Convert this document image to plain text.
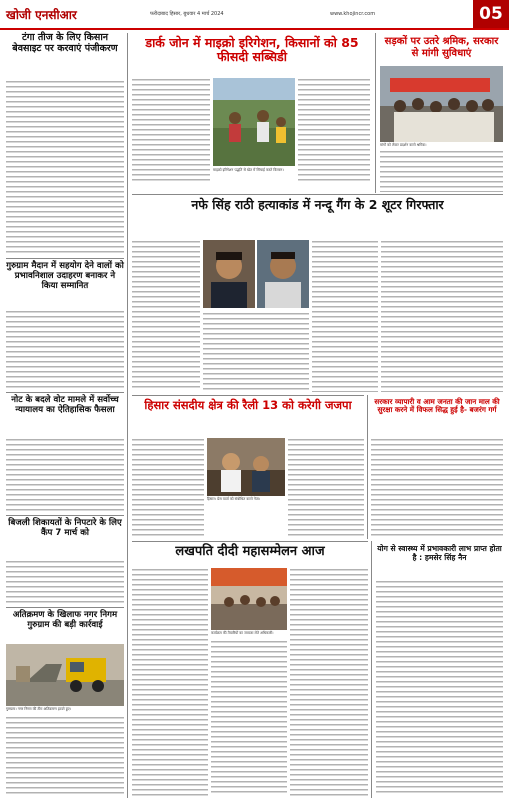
खोजी एनसीआर	फरीदाबाद हिसार, बुधवार 4 मार्च 2024	www.khojincr.com	05
टंगा तीज के लिए किसान बेवसाइट पर करवाएं पंजीकरण
गुरुग्राम मैदान में सहयोग देने वालों को प्रभावनिशाल उदाहरण बनाकर ने किया सम्मानित
नोट के बदले वोट मामले में सर्वोच्च न्यायालय का ऐतिहासिक फैसला
बिजली शिकायतों के निपटारे के लिए कैंप 7 मार्च को
अतिक्रमण के खिलाफ नगर निगम गुरुग्राम की बड़ी कार्रवाई
गुरुग्राम। नगर निगम की टीम अतिक्रमण हटाते हुए।
डार्क जोन में माइक्रो इरिगेशन, किसानों को 85 फीसदी सब्सिडी
माइक्रो इरिगेशन पद्धति से खेत में सिंचाई करते किसान।
सड़कों पर उतरे श्रमिक, सरकार से मांगी सुविधाएं
मांगों को लेकर प्रदर्शन करते श्रमिक।
नफे सिंह राठी हत्याकांड में नन्दू गैंग के 2 शूटर गिरफ्तार
हिसार संसदीय क्षेत्र की रैली 13 को करेगी जजपा
हिसार। प्रेस वार्ता को संबोधित करते नेता।
सरकार व्यापारी व आम जनता की जान माल की सुरक्षा करने में विफल सिद्ध हुई है- बजरंग गर्ग
लखपति दीदी महासम्मेलन आज
कार्यक्रम की तैयारियों का जायजा लेते अधिकारी।
योग से स्वास्थ्य में प्रभावकारी लाभ प्राप्त होता है : हमसेर सिंह नैन
